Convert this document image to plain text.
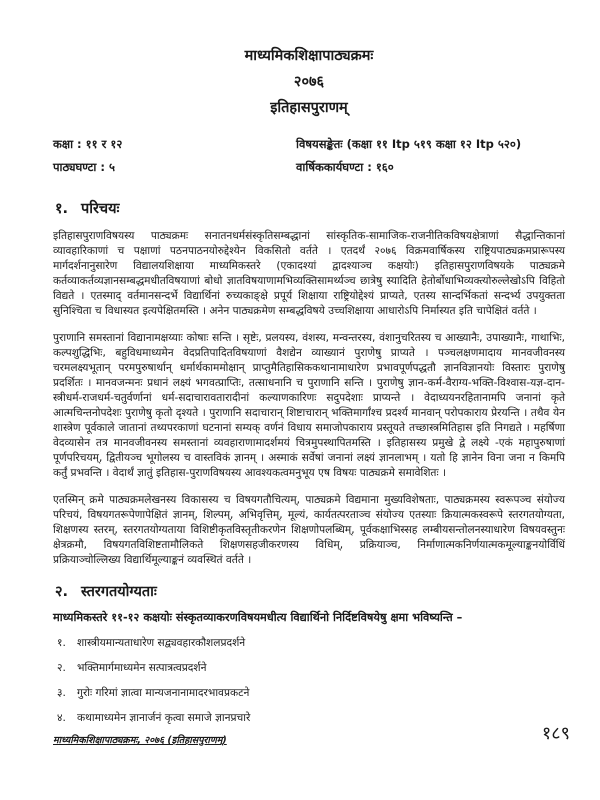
माध्यमिकशिक्षापाठ्यक्रमः
२०७६
इतिहासपुराणम्
कक्षा : ११ र १२	विषयसङ्केतः (कक्षा ११ Itp ५१९ कक्षा १२ Itp ५२०)
पाठ्यघण्टा : ५	वार्षिककार्यघण्टा : १६०
१. परिचयः

इतिहासपुराणविषयस्य पाठ्यक्रमः सनातनधर्मसंस्कृतिसम्बद्धानां सांस्कृतिक-सामाजिक-राजनीतिकविषयक्षेत्राणां सैद्धान्तिकानां व्यावहारिकाणां च पक्षाणां पठनपाठनयोरुद्देश्येन विकसितो वर्तते । एतदर्थं २०७६ विक्रमवार्षिकस्य राष्ट्रियपाठ्यक्रमप्रारूपस्य मार्गदर्शनानुसारेण विद्यालयशिक्षाया माध्यमिकस्तरे (एकादश्यां द्वादश्याञ्च कक्षयोः) इतिहासपुराणविषयके पाठ्यक्रमे कर्तव्याकर्तव्यज्ञानसम्बद्धमधीतविषयाणां बोधो ज्ञातविषयाणामभिव्यक्तिसामर्थ्यञ्च छात्रेषु स्यादिति हेतोर्बोधाभिव्यक्त्योरुल्लेखोऽपि विहितो विद्यते । एतस्माद् वर्तमानसन्दर्भे विद्यार्थिनां रुच्यकाङ्क्षे प्रपूर्य शिक्षाया राष्ट्रियोद्देश्यं प्राप्यते, एतस्य सान्दर्भिकतां सन्दर्भ्य उपयुक्तता सुनिश्चिता च विधास्यत इत्यपेक्षितमस्ति । अनेन पाठ्यक्रमेण सम्बद्धविषये उच्चशिक्षाया आधारोऽपि निर्मास्यत इति चापेक्षितं वर्तते ।

पुराणानि समस्तानां विद्यानामक्षय्याः कोषाः सन्ति । सृष्टेः, प्रलयस्य, वंशस्य, मन्वन्तरस्य, वंशानुचरितस्य च आख्यानैः, उपाख्यानैः, गाथाभिः, कल्पशुद्धिभिः, बहुविधमाध्यमेन वेदप्रतिपादितविषयाणां वैशद्येन व्याख्यानं पुराणेषु प्राप्यते । पञ्चलक्षणमादाय मानवजीवनस्य चरमलक्ष्यभूतान् परमपुरुषार्थान् धर्मार्थकाममोक्षान् प्राप्तुमैतिहासिककथानामाधारेण प्रभावपूर्णपद्धतौ ज्ञानविज्ञानयोः विस्तारः पुराणेषु प्रदर्शितः । मानवजन्मनः प्रधानं लक्ष्यं भगवत्प्राप्तिः, तत्साधनानि च पुराणानि सन्ति । पुराणेषु ज्ञान-कर्म-वैराग्य-भक्ति-विश्वास-यज्ञ-दान-स्त्रीधर्म-राजधर्म-चतुर्वर्णानां धर्म-सदाचारावतारादीनां कल्याणकारिणः सदुपदेशाः प्राप्यन्ते । वेदाध्ययनरहितानामपि जनानां कृते आत्मचिन्तनोपदेशः पुराणेषु कृतो दृश्यते । पुराणानि सदाचारान् शिष्टाचारान् भक्तिमार्गांश्च प्रदर्श्य मानवान् परोपकाराय प्रेरयन्ति । तथैव येन शास्त्रेण पूर्वकाले जातानां तथ्यपरकाणां घटनानां सम्यक् वर्णनं विधाय समाजोपकाराय प्रस्तूयते तच्छास्त्रमितिहास इति निगद्यते । महर्षिणा वेदव्यासेन तत्र मानवजीवनस्य समस्तानां व्यवहाराणामादर्शमयं चित्रमुपस्थापितमस्ति । इतिहासस्य प्रमुखे द्वे लक्ष्ये -एकं महापुरुषाणां पूर्णपरिचयम्, द्वितीयञ्च भूगोलस्य च वास्तविकं ज्ञानम् । अस्माकं सर्वेषां जनानां लक्ष्यं ज्ञानलाभम् । यतो हि ज्ञानेन विना जना न किमपि कर्तुं प्रभवन्ति । वेदार्थं ज्ञातुं इतिहास-पुराणविषयस्य आवश्यकत्वमनुभूय एष विषयः पाठ्यक्रमे समावेशितः ।

एतस्मिन् क्रमे पाठ्यक्रमलेखनस्य विकासस्य च विषयगतौचित्यम्, पाठ्यक्रमे विद्यमाना मुख्यविशेषताः, पाठ्यक्रमस्य स्वरूपञ्च संयोज्य परिचयं, विषयगतरूपेणापेक्षितं ज्ञानम्, शिल्पम्, अभिवृत्तिम्, मूल्यं, कार्यतत्परताञ्च संयोज्य एतस्याः क्रियात्मकस्वरूपे स्तरगतयोग्यता, शिक्षणस्य स्तरम्, स्तरगतयोग्यताया विशिष्टीकृतविस्तृतीकरणेन शिक्षणोपलब्धिम्, पूर्वकक्षाभिस्सह लम्बीयसन्तोलनस्याधारेण विषयवस्तुनः क्षेत्रक्रमौ, विषयगतविशिष्टतामौलिकते शिक्षणसहजीकरणस्य विधिम्, प्रक्रियाञ्च, निर्माणात्मकनिर्णयात्मकमूल्याङ्कनयोर्विधिं प्रक्रियाञ्चोल्लिख्य विद्यार्थिमूल्याङ्कनं व्यवस्थितं वर्तते ।

२. स्तरगतयोग्यताः
माध्यमिकस्तरे ११-१२ कक्षयोः संस्कृतव्याकरणविषयमधीत्य विद्यार्थिनो निर्दिष्टविषयेषु क्षमा भविष्यन्ति –
१.	शास्त्रीयमान्यताधारेण सद्व्यवहारकौशलप्रदर्शने
२.	भक्तिमार्गमाध्यमेन सत्पात्रत्वप्रदर्शने
३.	गुरोः गरिमां ज्ञात्वा मान्यजनानामादरभावप्रकटने
४.	कथामाध्यमेन ज्ञानार्जनं कृत्वा समाजे ज्ञानप्रचारे
माध्यमिकशिक्षापाठ्यक्रमः, २०७६ (इतिहासपुराणम्)	१८९
